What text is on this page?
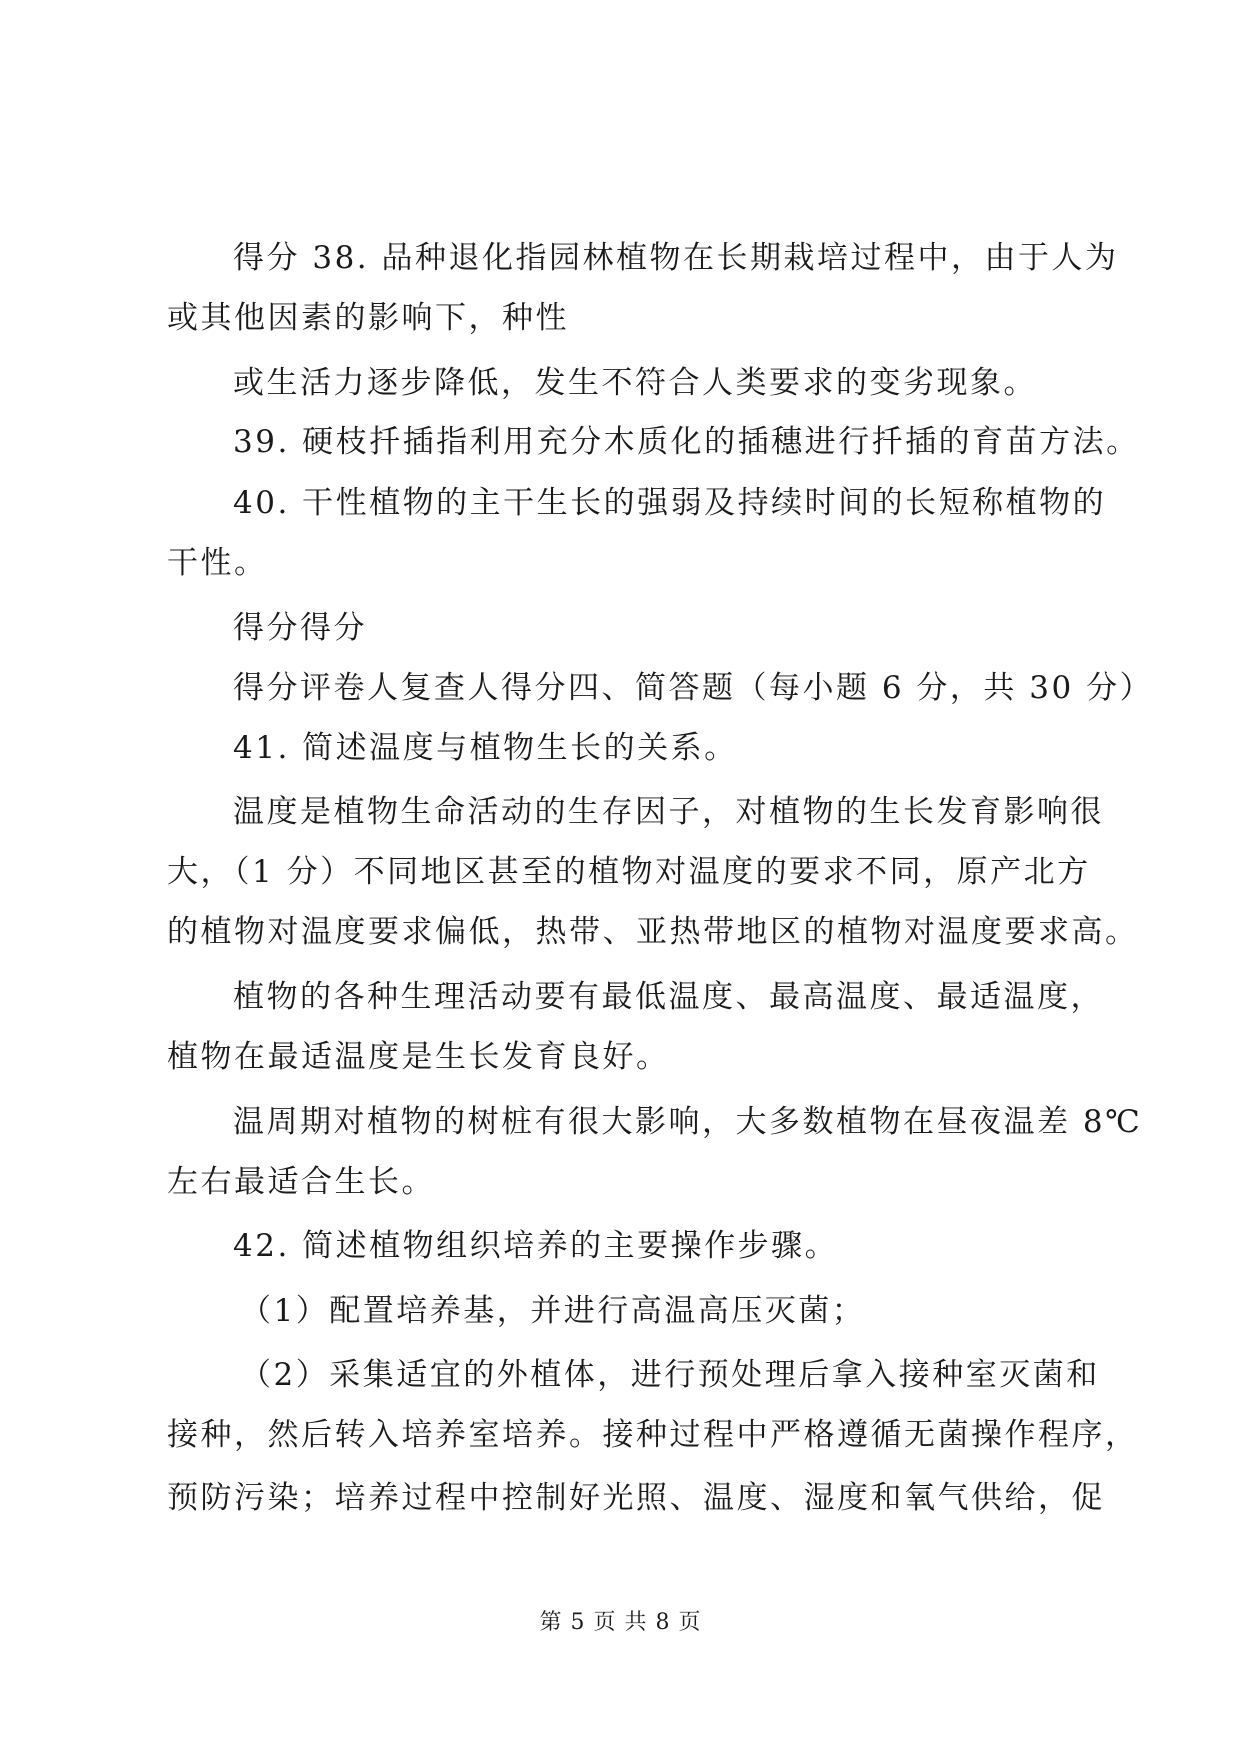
得分 38. 品种退化指园林植物在长期栽培过程中，由于人为
或其他因素的影响下，种性
或生活力逐步降低，发生不符合人类要求的变劣现象。
39. 硬枝扦插指利用充分木质化的插穗进行扦插的育苗方法。
40. 干性植物的主干生长的强弱及持续时间的长短称植物的
干性。
得分得分
得分评卷人复查人得分四、简答题（每小题 6 分，共 30 分）
41. 简述温度与植物生长的关系。
温度是植物生命活动的生存因子，对植物的生长发育影响很
大，（1 分）不同地区甚至的植物对温度的要求不同，原产北方
的植物对温度要求偏低，热带、亚热带地区的植物对温度要求高。
植物的各种生理活动要有最低温度、最高温度、最适温度，
植物在最适温度是生长发育良好。
温周期对植物的树桩有很大影响，大多数植物在昼夜温差 8℃
左右最适合生长。
42. 简述植物组织培养的主要操作步骤。
（1）配置培养基，并进行高温高压灭菌；
（2）采集适宜的外植体，进行预处理后拿入接种室灭菌和
接种，然后转入培养室培养。接种过程中严格遵循无菌操作程序，
预防污染；培养过程中控制好光照、温度、湿度和氧气供给，促
第 5 页 共 8 页
